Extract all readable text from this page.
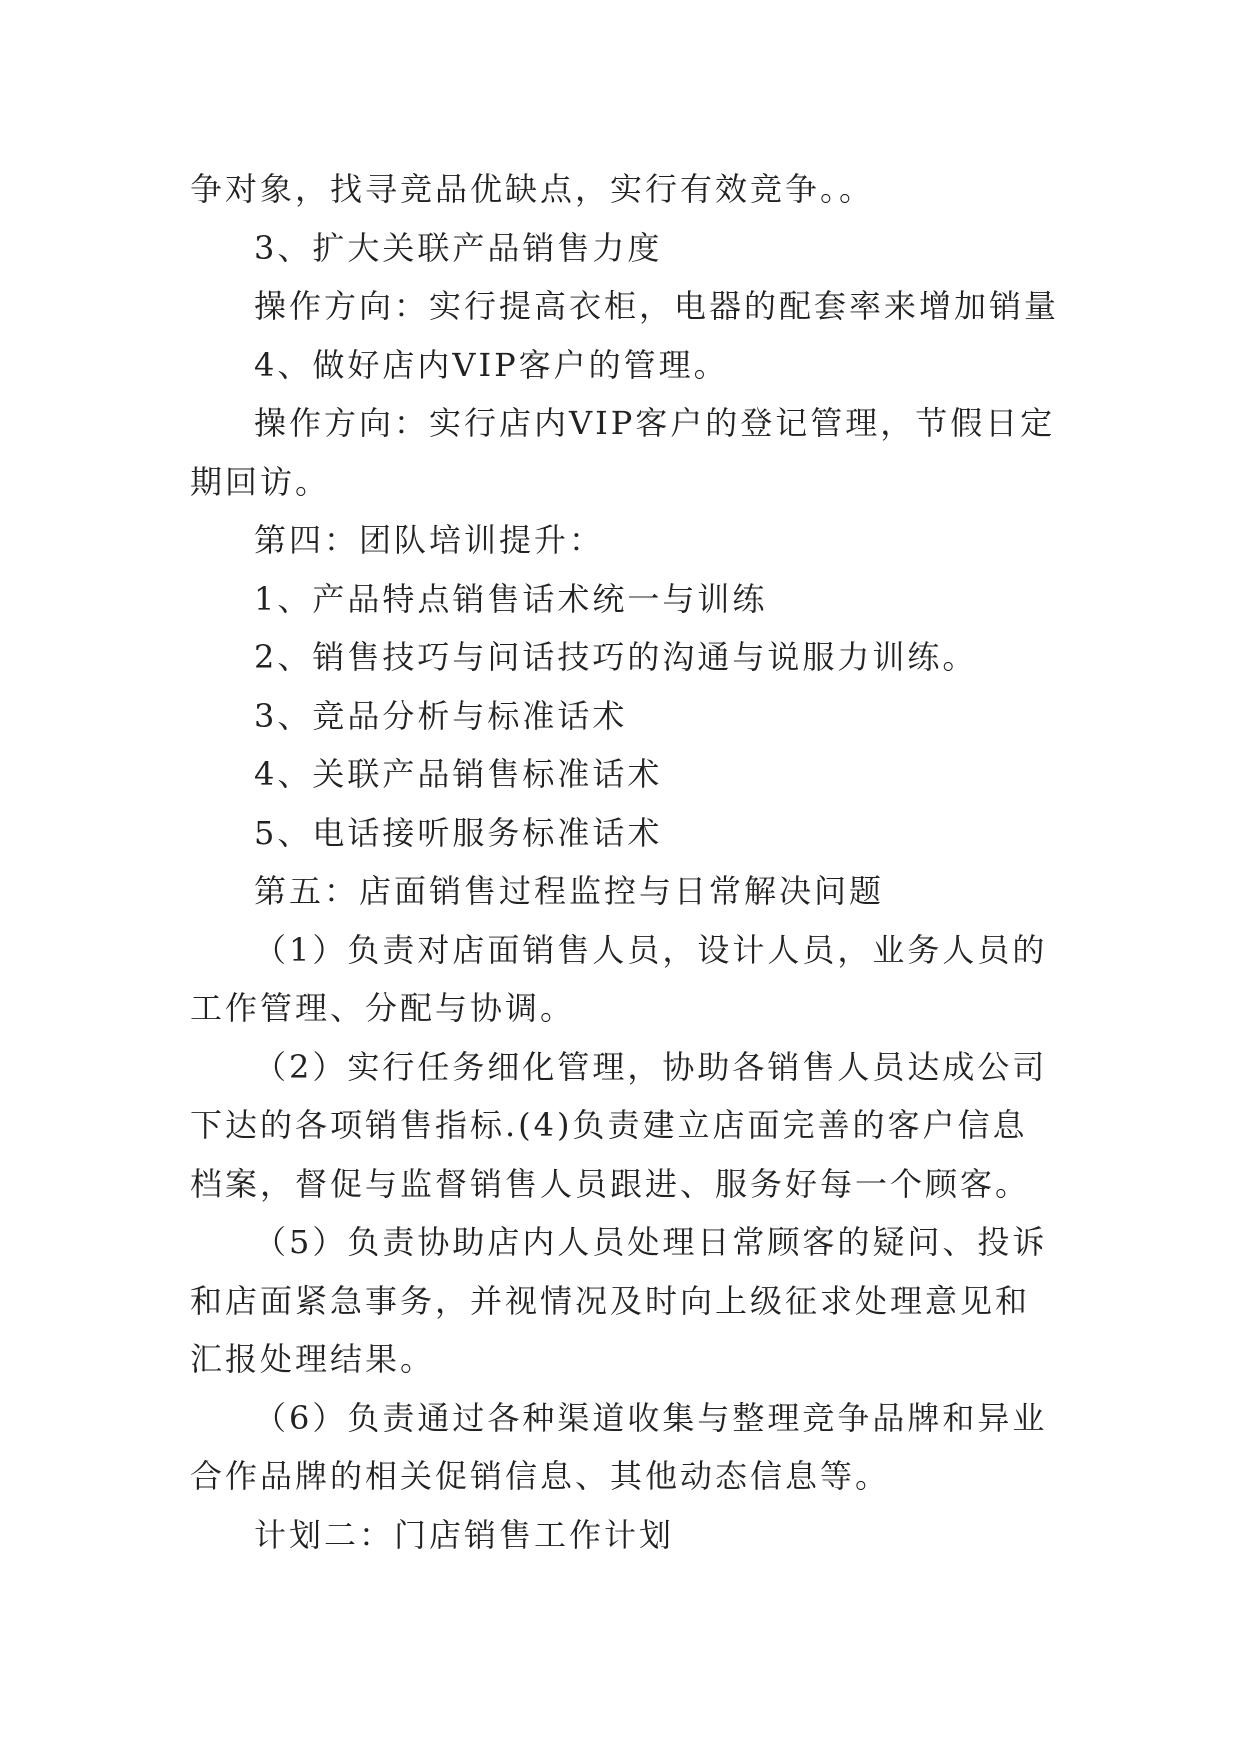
争对象，找寻竞品优缺点，实行有效竞争。。

3、扩大关联产品销售力度

操作方向：实行提高衣柜，电器的配套率来增加销量

4、做好店内VIP客户的管理。

操作方向：实行店内VIP客户的登记管理，节假日定期回访。

第四：团队培训提升：

1、产品特点销售话术统一与训练

2、销售技巧与问话技巧的沟通与说服力训练。

3、竞品分析与标准话术

4、关联产品销售标准话术

5、电话接听服务标准话术

第五：店面销售过程监控与日常解决问题

（1）负责对店面销售人员，设计人员，业务人员的工作管理、分配与协调。

（2）实行任务细化管理，协助各销售人员达成公司下达的各项销售指标.(4)负责建立店面完善的客户信息档案，督促与监督销售人员跟进、服务好每一个顾客。

（5）负责协助店内人员处理日常顾客的疑问、投诉和店面紧急事务，并视情况及时向上级征求处理意见和汇报处理结果。

（6）负责通过各种渠道收集与整理竞争品牌和异业合作品牌的相关促销信息、其他动态信息等。

计划二：门店销售工作计划
